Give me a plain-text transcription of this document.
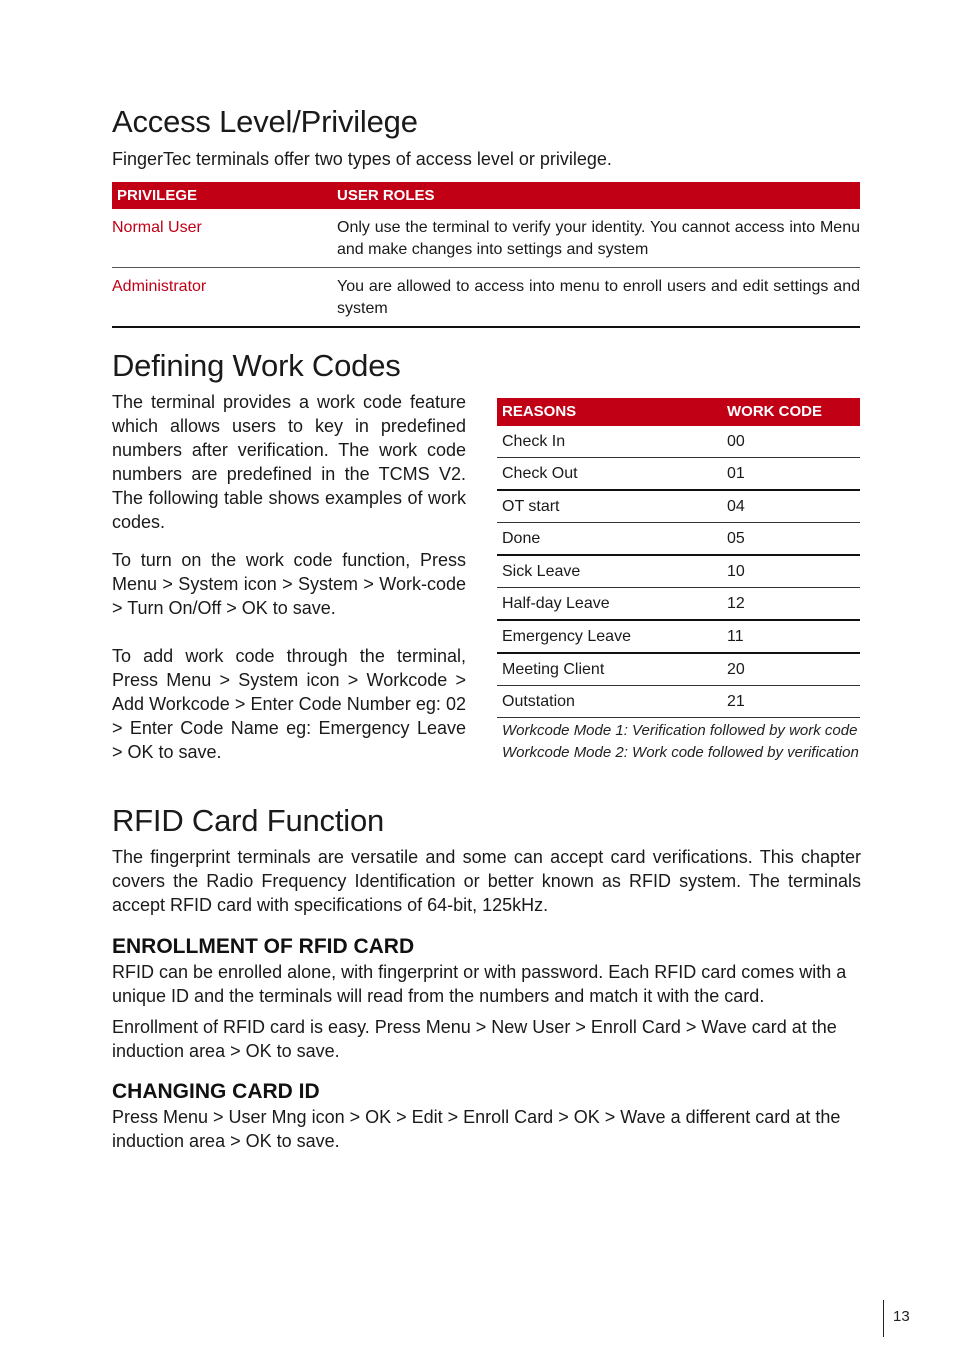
Access Level/Privilege

FingerTec terminals offer two types of access level or privilege.

PRIVILEGE	USER ROLES
Normal User	Only use the terminal to verify your identity. You cannot access into Menu and make changes into settings and system
Administrator	You are allowed to access into menu to enroll users and edit settings and system
Defining Work Codes

The terminal provides a work code feature which allows users to key in predefined numbers after verification. The work code numbers are predefined in the TCMS V2. The following table shows examples of work codes.

To turn on the work code function, Press Menu > System icon > System > Work-code > Turn On/Off > OK to save.

To add work code through the terminal, Press Menu > System icon > Workcode > Add Workcode > Enter Code Number eg: 02 > Enter Code Name eg: Emergency Leave > OK to save.

REASONS	WORK CODE
Check In	00
Check Out	01
OT start	04
Done	05
Sick Leave	10
Half-day Leave	12
Emergency Leave	11
Meeting Client	20
Outstation	21
Workcode Mode 1: Verification followed by work code
Workcode Mode 2: Work code followed by verification
RFID Card Function

The fingerprint terminals are versatile and some can accept card verifications. This chapter covers the Radio Frequency Identification or better known as RFID system. The terminals accept RFID card with specifications of 64-bit, 125kHz.

ENROLLMENT OF RFID CARD

RFID can be enrolled alone, with fingerprint or with password. Each RFID card comes with a unique ID and the terminals will read from the numbers and match it with the card.

Enrollment of RFID card is easy. Press Menu > New User > Enroll Card > Wave card at the induction area > OK to save.

CHANGING CARD ID

Press Menu > User Mng icon > OK > Edit > Enroll Card > OK > Wave a different card at the induction area > OK to save.

13
